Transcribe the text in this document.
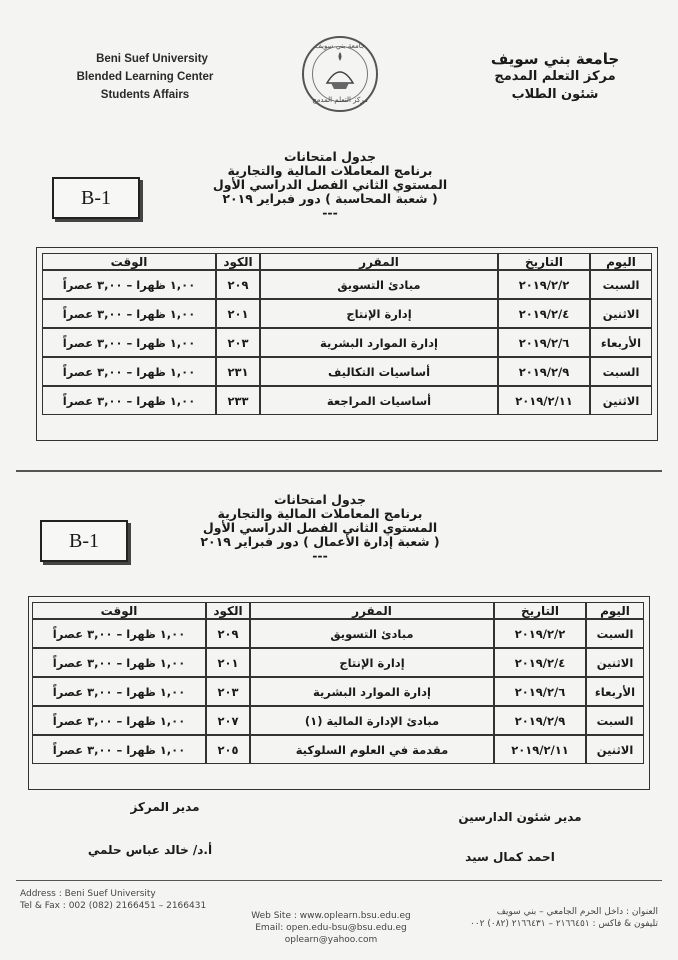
Beni Suef University
Blended Learning Center
Students Affairs
جامعة بني سويف
مركز التعلم المدمج
جامعة بني سويف
مركز التعلم المدمج
شئون الطلاب
B-1
جدول امتحانات
برنامج المعاملات المالية والتجارية
المستوي الثاني الفصل الدراسي الأول
( شعبة المحاسبة ) دور فبراير ٢٠١٩
---
اليوم	التاريخ	المقرر	الكود	الوقت
السبت	٢٠١٩/٢/٢	مبادئ التسويق	٢٠٩	١,٠٠ ظهرا – ٣,٠٠ عصراً
الاثنين	٢٠١٩/٢/٤	إدارة الإنتاج	٢٠١	١,٠٠ ظهرا – ٣,٠٠ عصراً
الأربعاء	٢٠١٩/٢/٦	إدارة الموارد البشرية	٢٠٣	١,٠٠ ظهرا – ٣,٠٠ عصراً
السبت	٢٠١٩/٢/٩	أساسيات التكاليف	٢٣١	١,٠٠ ظهرا – ٣,٠٠ عصراً
الاثنين	٢٠١٩/٢/١١	أساسيات المراجعة	٢٣٣	١,٠٠ ظهرا – ٣,٠٠ عصراً
B-1
جدول امتحانات
برنامج المعاملات المالية والتجارية
المستوي الثاني الفصل الدراسي الأول
( شعبة إدارة الأعمال ) دور فبراير ٢٠١٩
---
اليوم	التاريخ	المقرر	الكود	الوقت
السبت	٢٠١٩/٢/٢	مبادئ التسويق	٢٠٩	١,٠٠ ظهرا – ٣,٠٠ عصراً
الاثنين	٢٠١٩/٢/٤	إدارة الإنتاج	٢٠١	١,٠٠ ظهرا – ٣,٠٠ عصراً
الأربعاء	٢٠١٩/٢/٦	إدارة الموارد البشرية	٢٠٣	١,٠٠ ظهرا – ٣,٠٠ عصراً
السبت	٢٠١٩/٢/٩	مبادئ الإدارة المالية (١)	٢٠٧	١,٠٠ ظهرا – ٣,٠٠ عصراً
الاثنين	٢٠١٩/٢/١١	مقدمة في العلوم السلوكية	٢٠٥	١,٠٠ ظهرا – ٣,٠٠ عصراً
مدير المركز
أ.د/ خالد عباس حلمي
مدير شئون الدارسين
احمد كمال سيد
Address : Beni Suef University
Tel & Fax : 002 (082) 2166451 – 2166431
Web Site : www.oplearn.bsu.edu.eg
Email: open.edu-bsu@bsu.edu.eg
oplearn@yahoo.com
العنوان : داخل الحرم الجامعي – بني سويف
تليفون & فاكس : ٢١٦٦٤٥١ – ٢١٦٦٤٣١ (٠٨٢) ٠٠٢
